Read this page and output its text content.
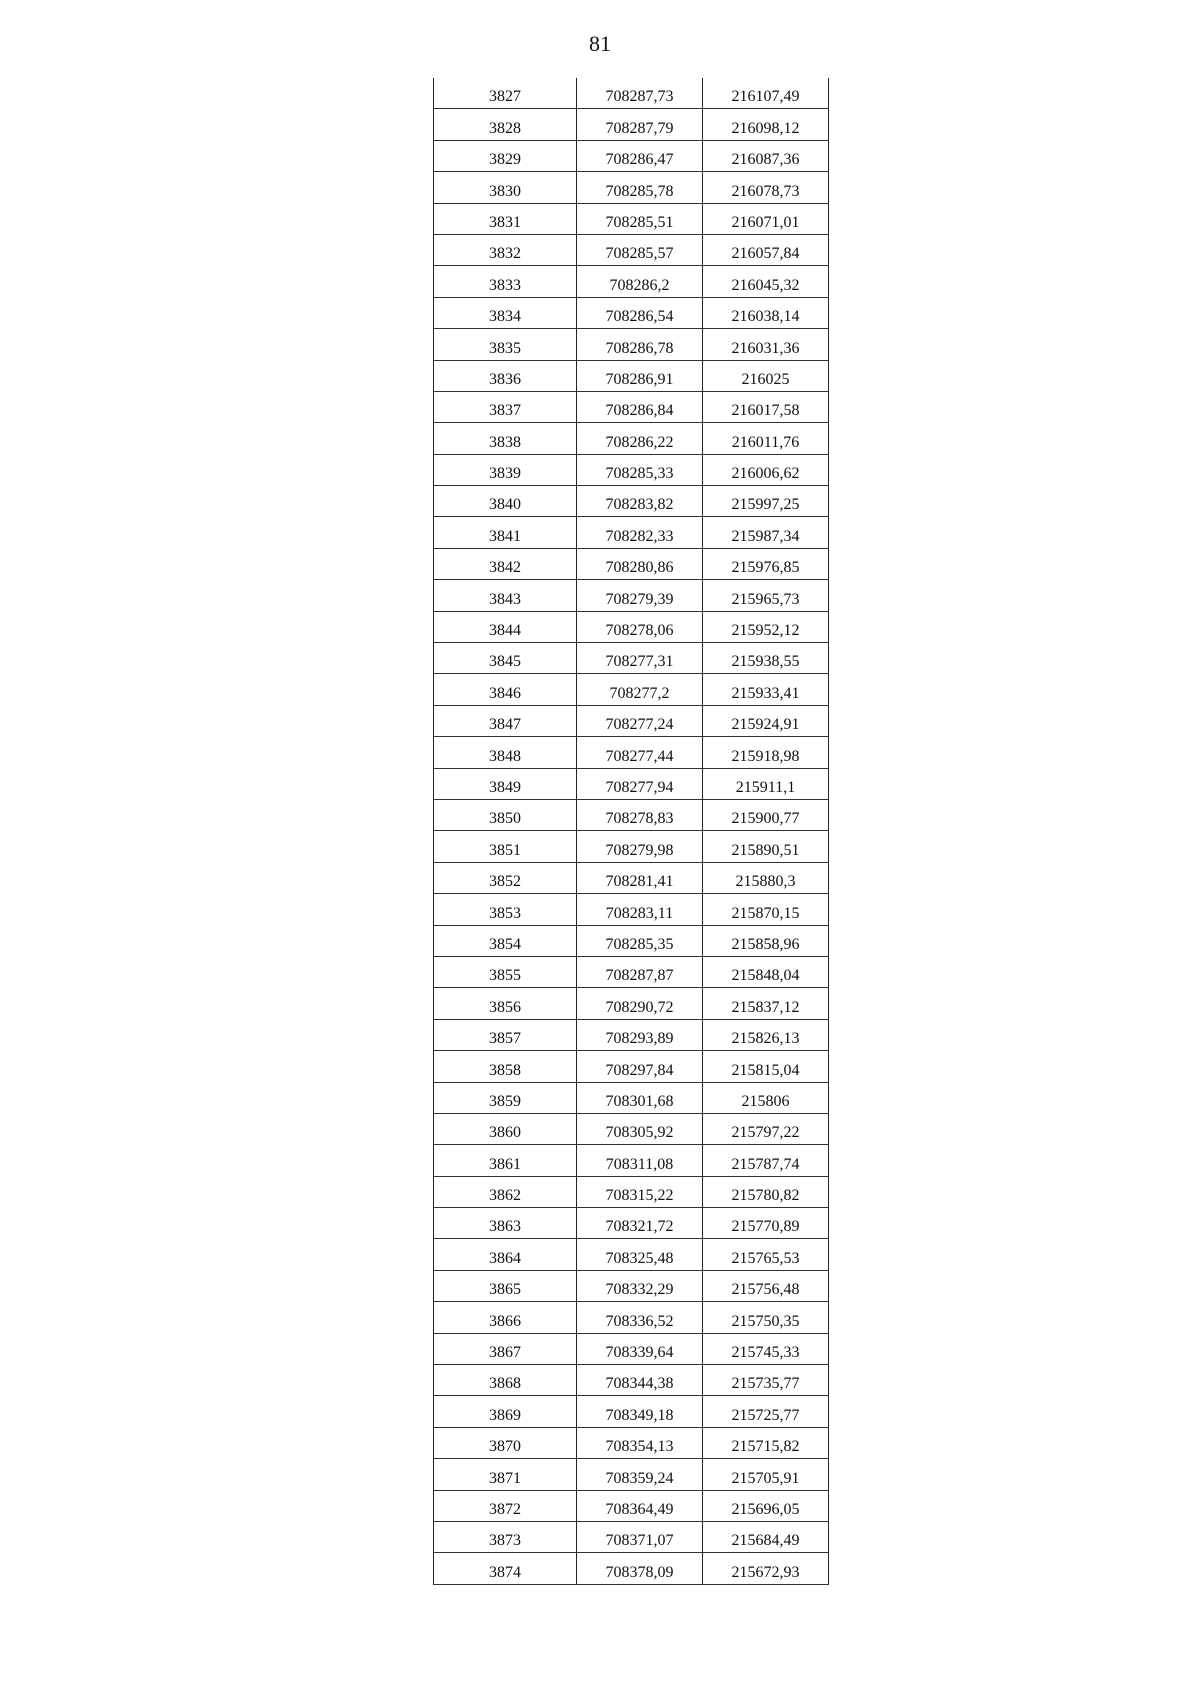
81
3827	708287,73	216107,49
3828	708287,79	216098,12
3829	708286,47	216087,36
3830	708285,78	216078,73
3831	708285,51	216071,01
3832	708285,57	216057,84
3833	708286,2	216045,32
3834	708286,54	216038,14
3835	708286,78	216031,36
3836	708286,91	216025
3837	708286,84	216017,58
3838	708286,22	216011,76
3839	708285,33	216006,62
3840	708283,82	215997,25
3841	708282,33	215987,34
3842	708280,86	215976,85
3843	708279,39	215965,73
3844	708278,06	215952,12
3845	708277,31	215938,55
3846	708277,2	215933,41
3847	708277,24	215924,91
3848	708277,44	215918,98
3849	708277,94	215911,1
3850	708278,83	215900,77
3851	708279,98	215890,51
3852	708281,41	215880,3
3853	708283,11	215870,15
3854	708285,35	215858,96
3855	708287,87	215848,04
3856	708290,72	215837,12
3857	708293,89	215826,13
3858	708297,84	215815,04
3859	708301,68	215806
3860	708305,92	215797,22
3861	708311,08	215787,74
3862	708315,22	215780,82
3863	708321,72	215770,89
3864	708325,48	215765,53
3865	708332,29	215756,48
3866	708336,52	215750,35
3867	708339,64	215745,33
3868	708344,38	215735,77
3869	708349,18	215725,77
3870	708354,13	215715,82
3871	708359,24	215705,91
3872	708364,49	215696,05
3873	708371,07	215684,49
3874	708378,09	215672,93
